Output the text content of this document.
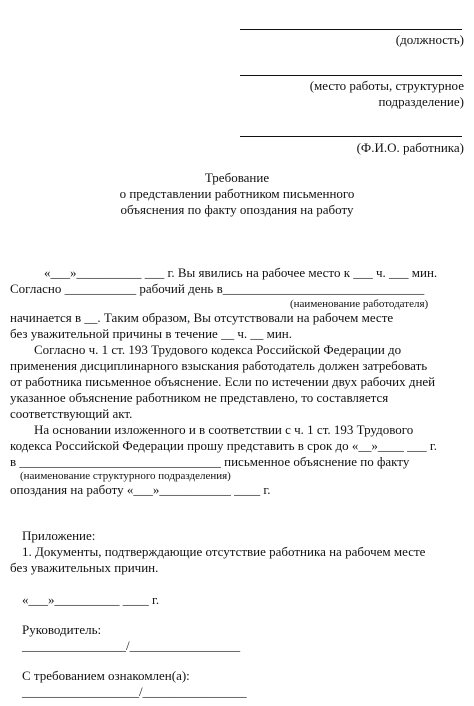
(должность)
(место работы, структурное
подразделение)
(Ф.И.О. работника)
Требование
о представлении работником письменного
объяснения по факту опоздания на работу
«___»__________ ___ г. Вы явились на рабочее место к ___ ч. ___ мин.
Согласно ___________ рабочий день в_______________________________
(наименование работодателя)
начинается в __. Таким образом, Вы отсутствовали на рабочем месте
без уважительной причины в течение __ ч. __ мин.
Согласно ч. 1 ст. 193 Трудового кодекса Российской Федерации до
применения дисциплинарного взыскания работодатель должен затребовать
от работника письменное объяснение. Если по истечении двух рабочих дней
указанное объяснение работником не представлено, то составляется
соответствующий акт.
На основании изложенного и в соответствии с ч. 1 ст. 193 Трудового
кодекса Российской Федерации прошу представить в срок до «__»____ ___ г.
в _______________________________ письменное объяснение по факту
(наименование структурного подразделения)
опоздания на работу «___»___________ ____ г.
Приложение:
1. Документы, подтверждающие отсутствие работника на рабочем месте
без уважительных причин.
«___»__________ ____ г.
Руководитель:
________________/_________________
С требованием ознакомлен(а):
__________________/________________
